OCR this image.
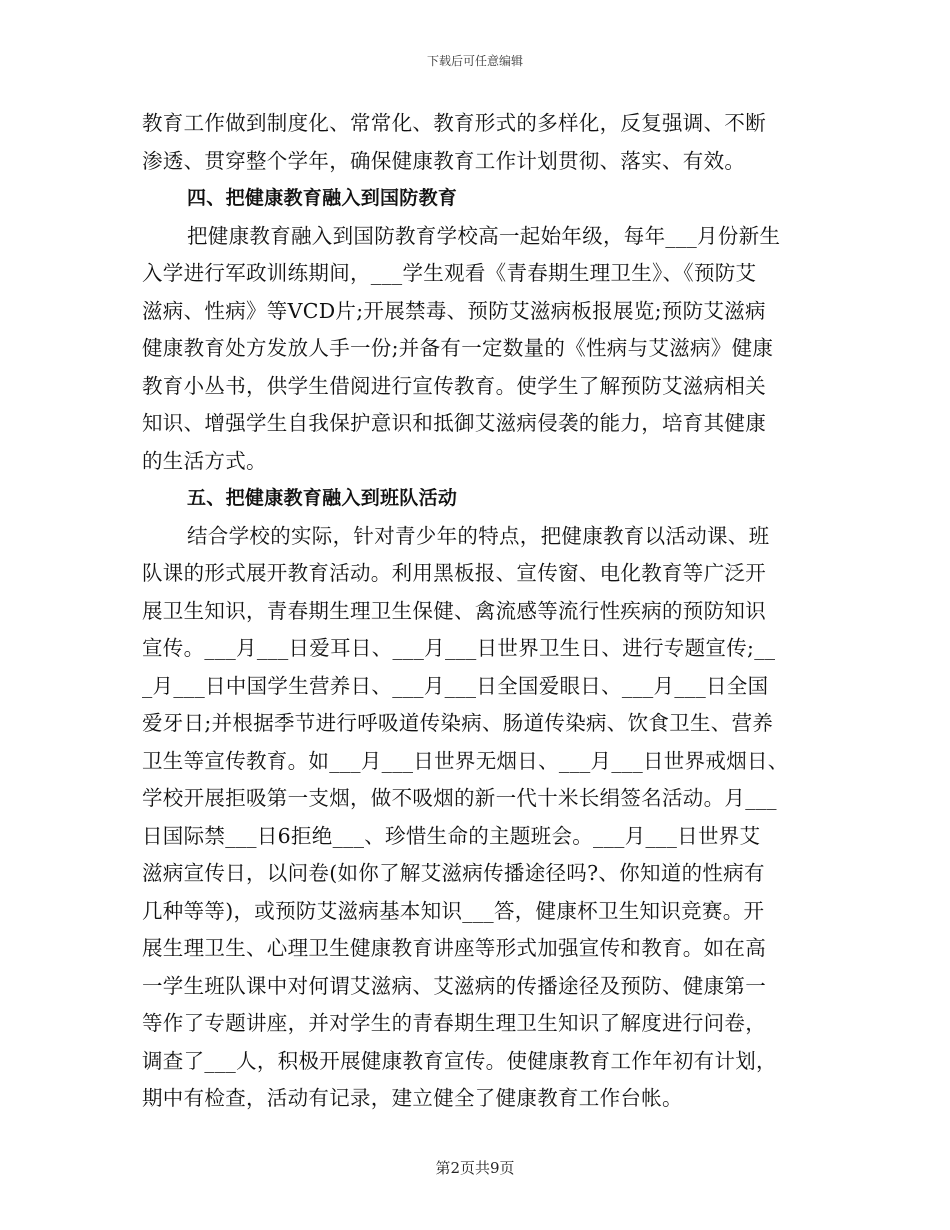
下载后可任意编辑
教育工作做到制度化、常常化、教育形式的多样化，反复强调、不断
渗透、贯穿整个学年，确保健康教育工作计划贯彻、落实、有效。
四、把健康教育融入到国防教育
把健康教育融入到国防教育学校高一起始年级，每年___月份新生
入学进行军政训练期间，___学生观看《青春期生理卫生》、《预防艾
滋病、性病》等VCD片;开展禁毒、预防艾滋病板报展览;预防艾滋病
健康教育处方发放人手一份;并备有一定数量的《性病与艾滋病》健康
教育小丛书，供学生借阅进行宣传教育。使学生了解预防艾滋病相关
知识、增强学生自我保护意识和抵御艾滋病侵袭的能力，培育其健康
的生活方式。
五、把健康教育融入到班队活动
结合学校的实际，针对青少年的特点，把健康教育以活动课、班
队课的形式展开教育活动。利用黑板报、宣传窗、电化教育等广泛开
展卫生知识，青春期生理卫生保健、禽流感等流行性疾病的预防知识
宣传。___月___日爱耳日、___月___日世界卫生日、进行专题宣传;__
_月___日中国学生营养日、___月___日全国爱眼日、___月___日全国
爱牙日;并根据季节进行呼吸道传染病、肠道传染病、饮食卫生、营养
卫生等宣传教育。如___月___日世界无烟日、___月___日世界戒烟日、
学校开展拒吸第一支烟，做不吸烟的新一代十米长绢签名活动。月___
日国际禁___日6拒绝___、珍惜生命的主题班会。___月___日世界艾
滋病宣传日，以问卷(如你了解艾滋病传播途径吗?、你知道的性病有
几种等等)，或预防艾滋病基本知识___答，健康杯卫生知识竞赛。开
展生理卫生、心理卫生健康教育讲座等形式加强宣传和教育。如在高
一学生班队课中对何谓艾滋病、艾滋病的传播途径及预防、健康第一
等作了专题讲座，并对学生的青春期生理卫生知识了解度进行问卷，
调查了___人，积极开展健康教育宣传。使健康教育工作年初有计划，
期中有检查，活动有记录，建立健全了健康教育工作台帐。
第2页共9页
